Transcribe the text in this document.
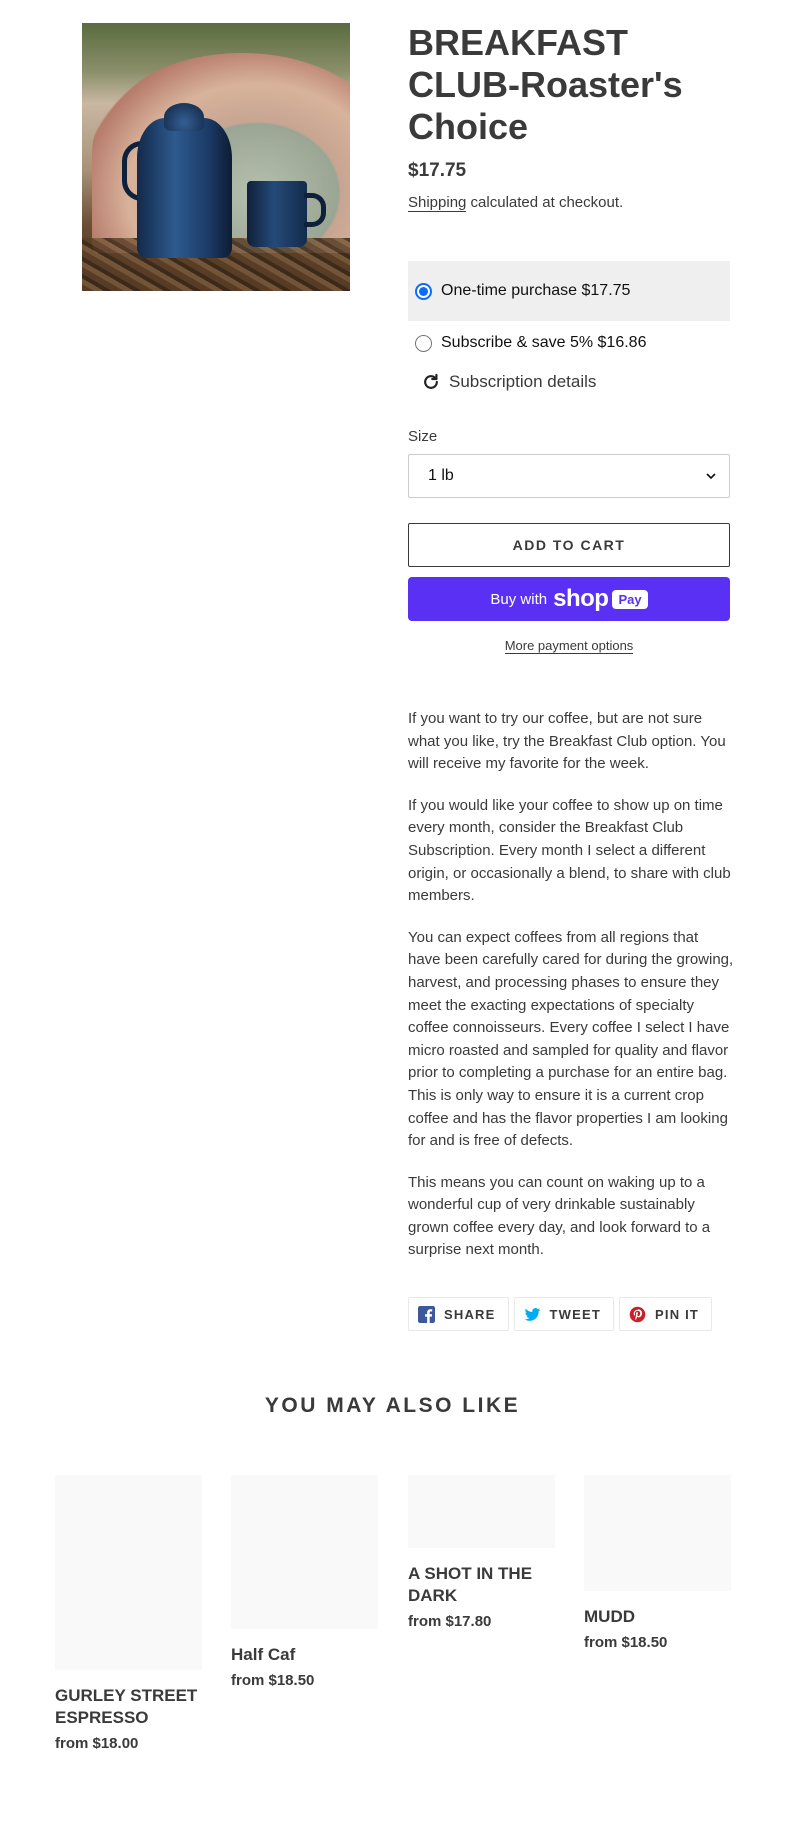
BREAKFAST CLUB-Roaster's Choice
$17.75
Shipping calculated at checkout.
One-time purchase $17.75
Subscribe & save 5% $16.86
Subscription details
Size
1 lb
ADD TO CART
Buy with shop Pay
More payment options

If you want to try our coffee, but are not sure what you like, try the Breakfast Club option. You will receive my favorite for the week.

If you would like your coffee to show up on time every month, consider the Breakfast Club Subscription. Every month I select a different origin, or occasionally a blend, to share with club members.

You can expect coffees from all regions that have been carefully cared for during the growing, harvest, and processing phases to ensure they meet the exacting expectations of specialty coffee connoisseurs. Every coffee I select I have micro roasted and sampled for quality and flavor prior to completing a purchase for an entire bag. This is only way to ensure it is a current crop coffee and has the flavor properties I am looking for and is free of defects.

This means you can count on waking up to a wonderful cup of very drinkable sustainably grown coffee every day, and look forward to a surprise next month.

SHARE	TWEET	PIN IT
YOU MAY ALSO LIKE
GURLEY STREET ESPRESSO
from $18.00
Half Caf
from $18.50
A SHOT IN THE DARK
from $17.80	MUDD
from $18.50
